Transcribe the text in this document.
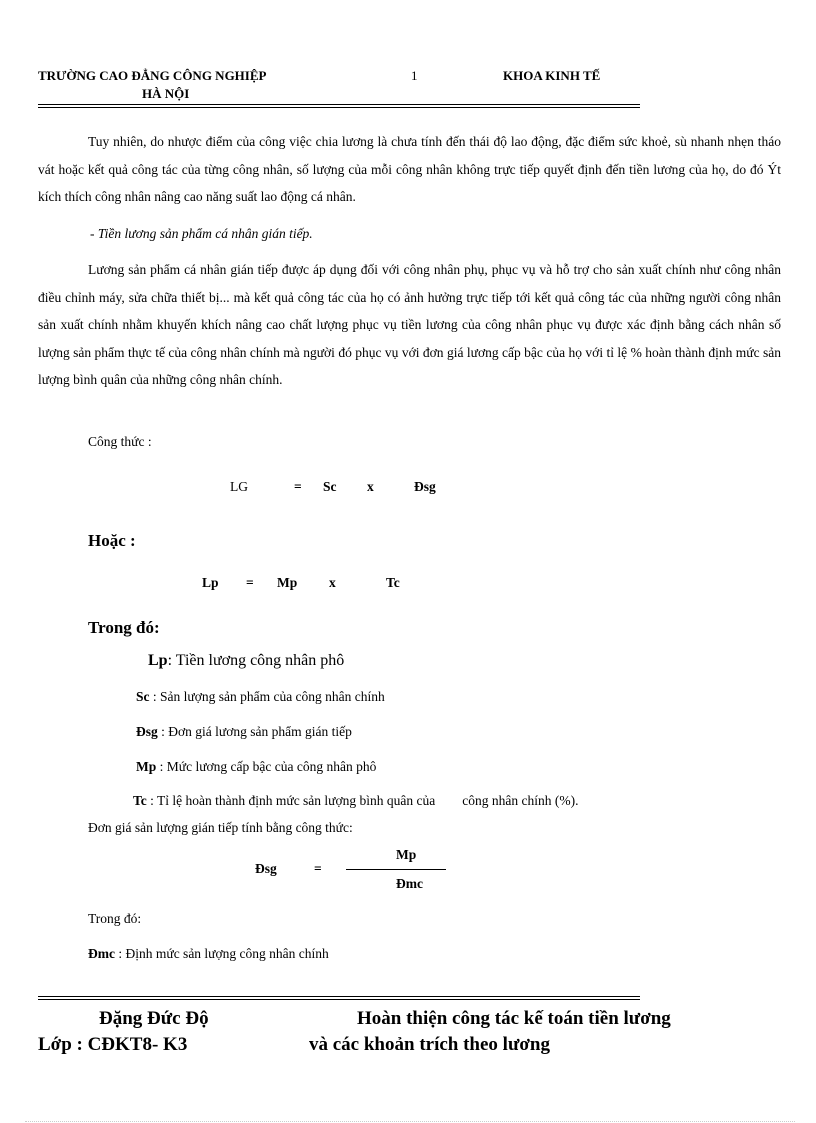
TRƯỜNG CAO ĐẲNG CÔNG NGHIỆP
HÀ NỘI
1	KHOA KINH TẾ
Tuy nhiên, do nhược điểm của công việc chia lương là chưa tính đến thái độ lao động, đặc điểm sức khoẻ, sù nhanh nhẹn tháo vát hoặc kết quả công tác của từng công nhân, số lượng của mỗi công nhân không trực tiếp quyết định đến tiền lương của họ, do đó Ýt kích thích công nhân nâng cao năng suất lao động cá nhân.
- Tiền lương sản phẩm cá nhân gián tiếp.
Lương sản phẩm cá nhân gián tiếp được áp dụng đối với công nhân phụ, phục vụ và hỗ trợ cho sản xuất chính như công nhân điều chỉnh máy, sửa chữa thiết bị... mà kết quả công tác của họ có ảnh hưởng trực tiếp tới kết quả công tác của những người công nhân sản xuất chính nhằm khuyến khích nâng cao chất lượng phục vụ tiền lương của công nhân phục vụ được xác định bằng cách nhân số lượng sản phẩm thực tế của công nhân chính mà người đó phục vụ với đơn giá lương cấp bậc của họ với tỉ lệ % hoàn thành định mức sản lượng bình quân của những công nhân chính.
Công thức :
LG	= Sc x	Đsg
Hoặc :
Lp = Mp x	Tc
Trong đó:
Lp: Tiền lương công nhân phô
Sc : Sản lượng sản phẩm của công nhân chính
Đsg : Đơn giá lương sản phẩm gián tiếp
Mp : Mức lương cấp bậc của công nhân phô
Tc : Tỉ lệ hoàn thành định mức sản lượng bình quân của        công nhân chính (%).
Đơn giá sản lượng gián tiếp tính bằng công thức:
Đsg	=
Mp
Đmc
Trong đó:
Đmc : Định mức sản lượng công nhân chính
Đặng Đức Độ
Lớp : CĐKT8- K3
Hoàn thiện công tác kế toán tiền lương
và các khoản trích theo lương
